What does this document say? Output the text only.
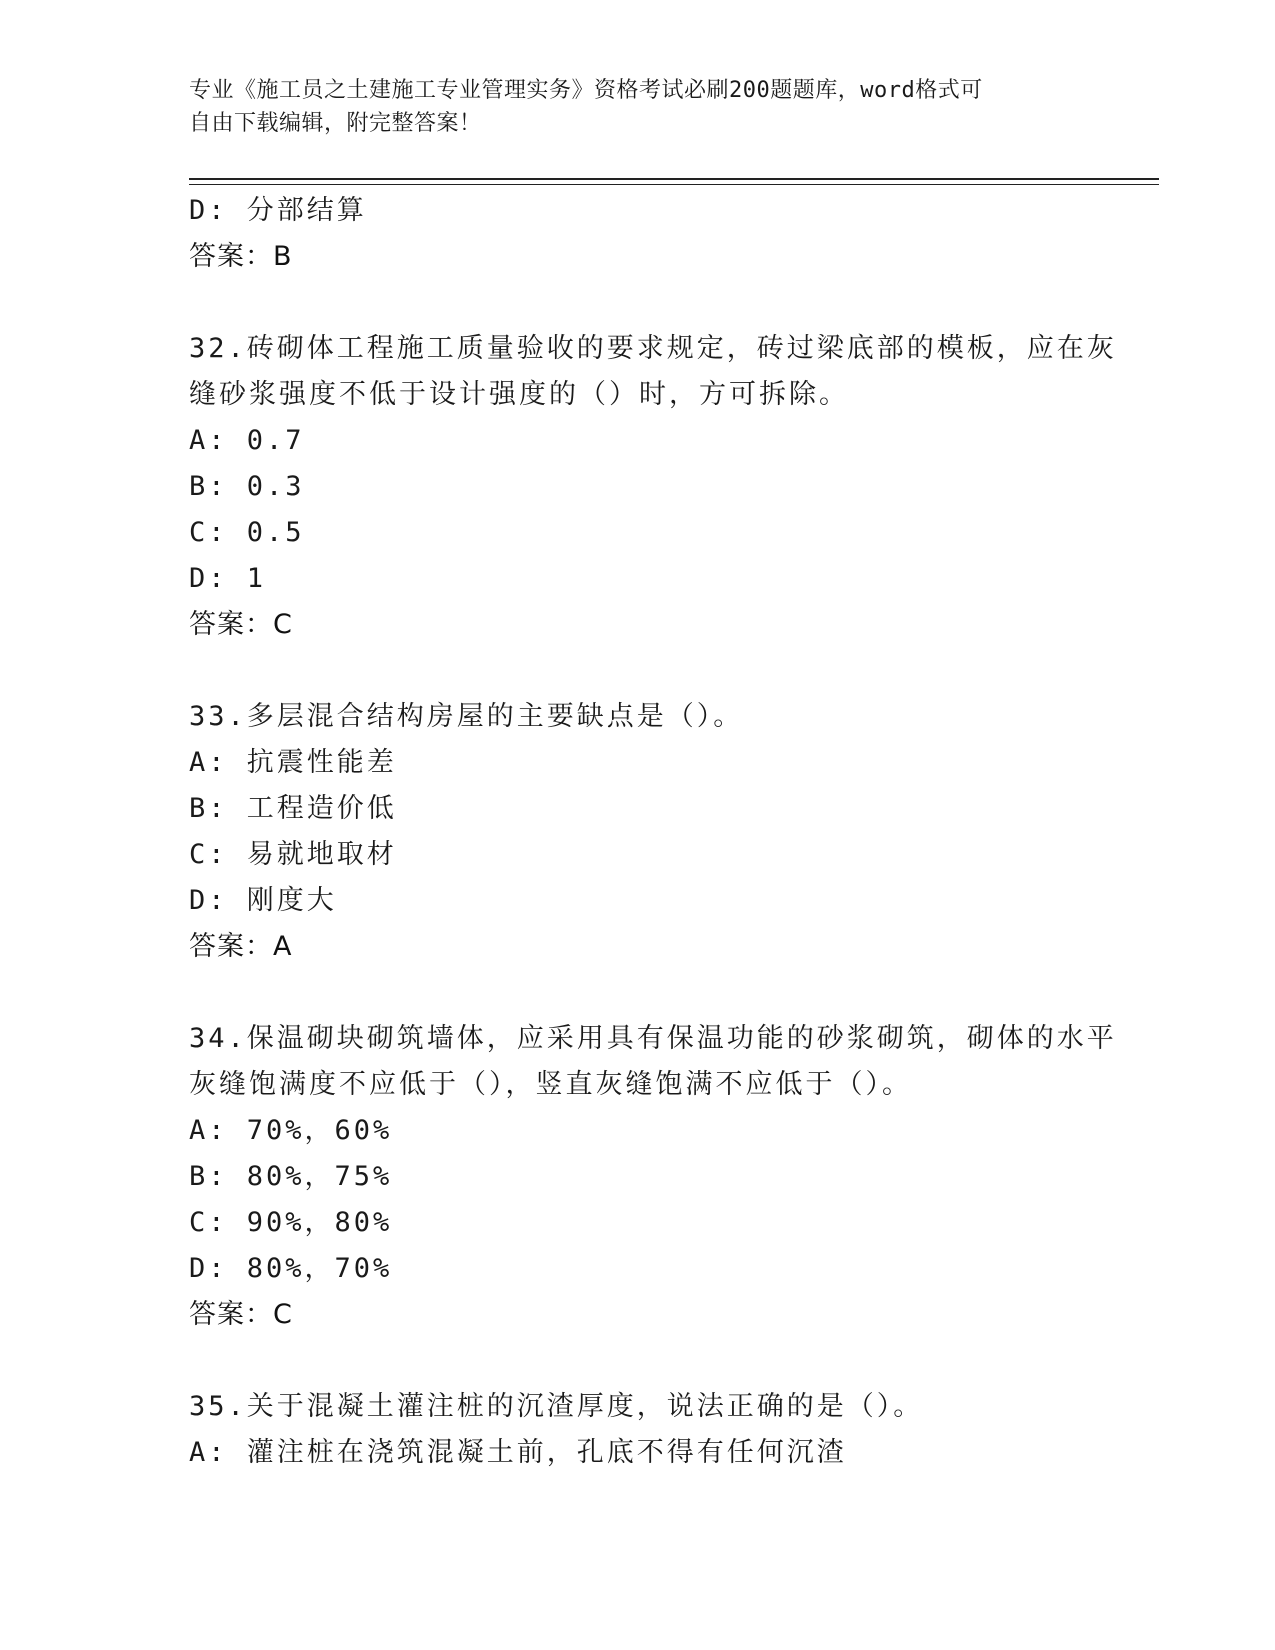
专业《施工员之土建施工专业管理实务》资格考试必刷200题题库，word格式可
自由下载编辑，附完整答案！
D: 分部结算
答案：B
32.砖砌体工程施工质量验收的要求规定，砖过梁底部的模板，应在灰
缝砂浆强度不低于设计强度的（）时，方可拆除。
A: 0.7
B: 0.3
C: 0.5
D: 1
答案：C
33.多层混合结构房屋的主要缺点是（）。
A: 抗震性能差
B: 工程造价低
C: 易就地取材
D: 刚度大
答案：A
34.保温砌块砌筑墙体，应采用具有保温功能的砂浆砌筑，砌体的水平
灰缝饱满度不应低于（），竖直灰缝饱满不应低于（）。
A: 70%，60%
B: 80%，75%
C: 90%，80%
D: 80%，70%
答案：C
35.关于混凝土灌注桩的沉渣厚度，说法正确的是（）。
A: 灌注桩在浇筑混凝土前，孔底不得有任何沉渣
